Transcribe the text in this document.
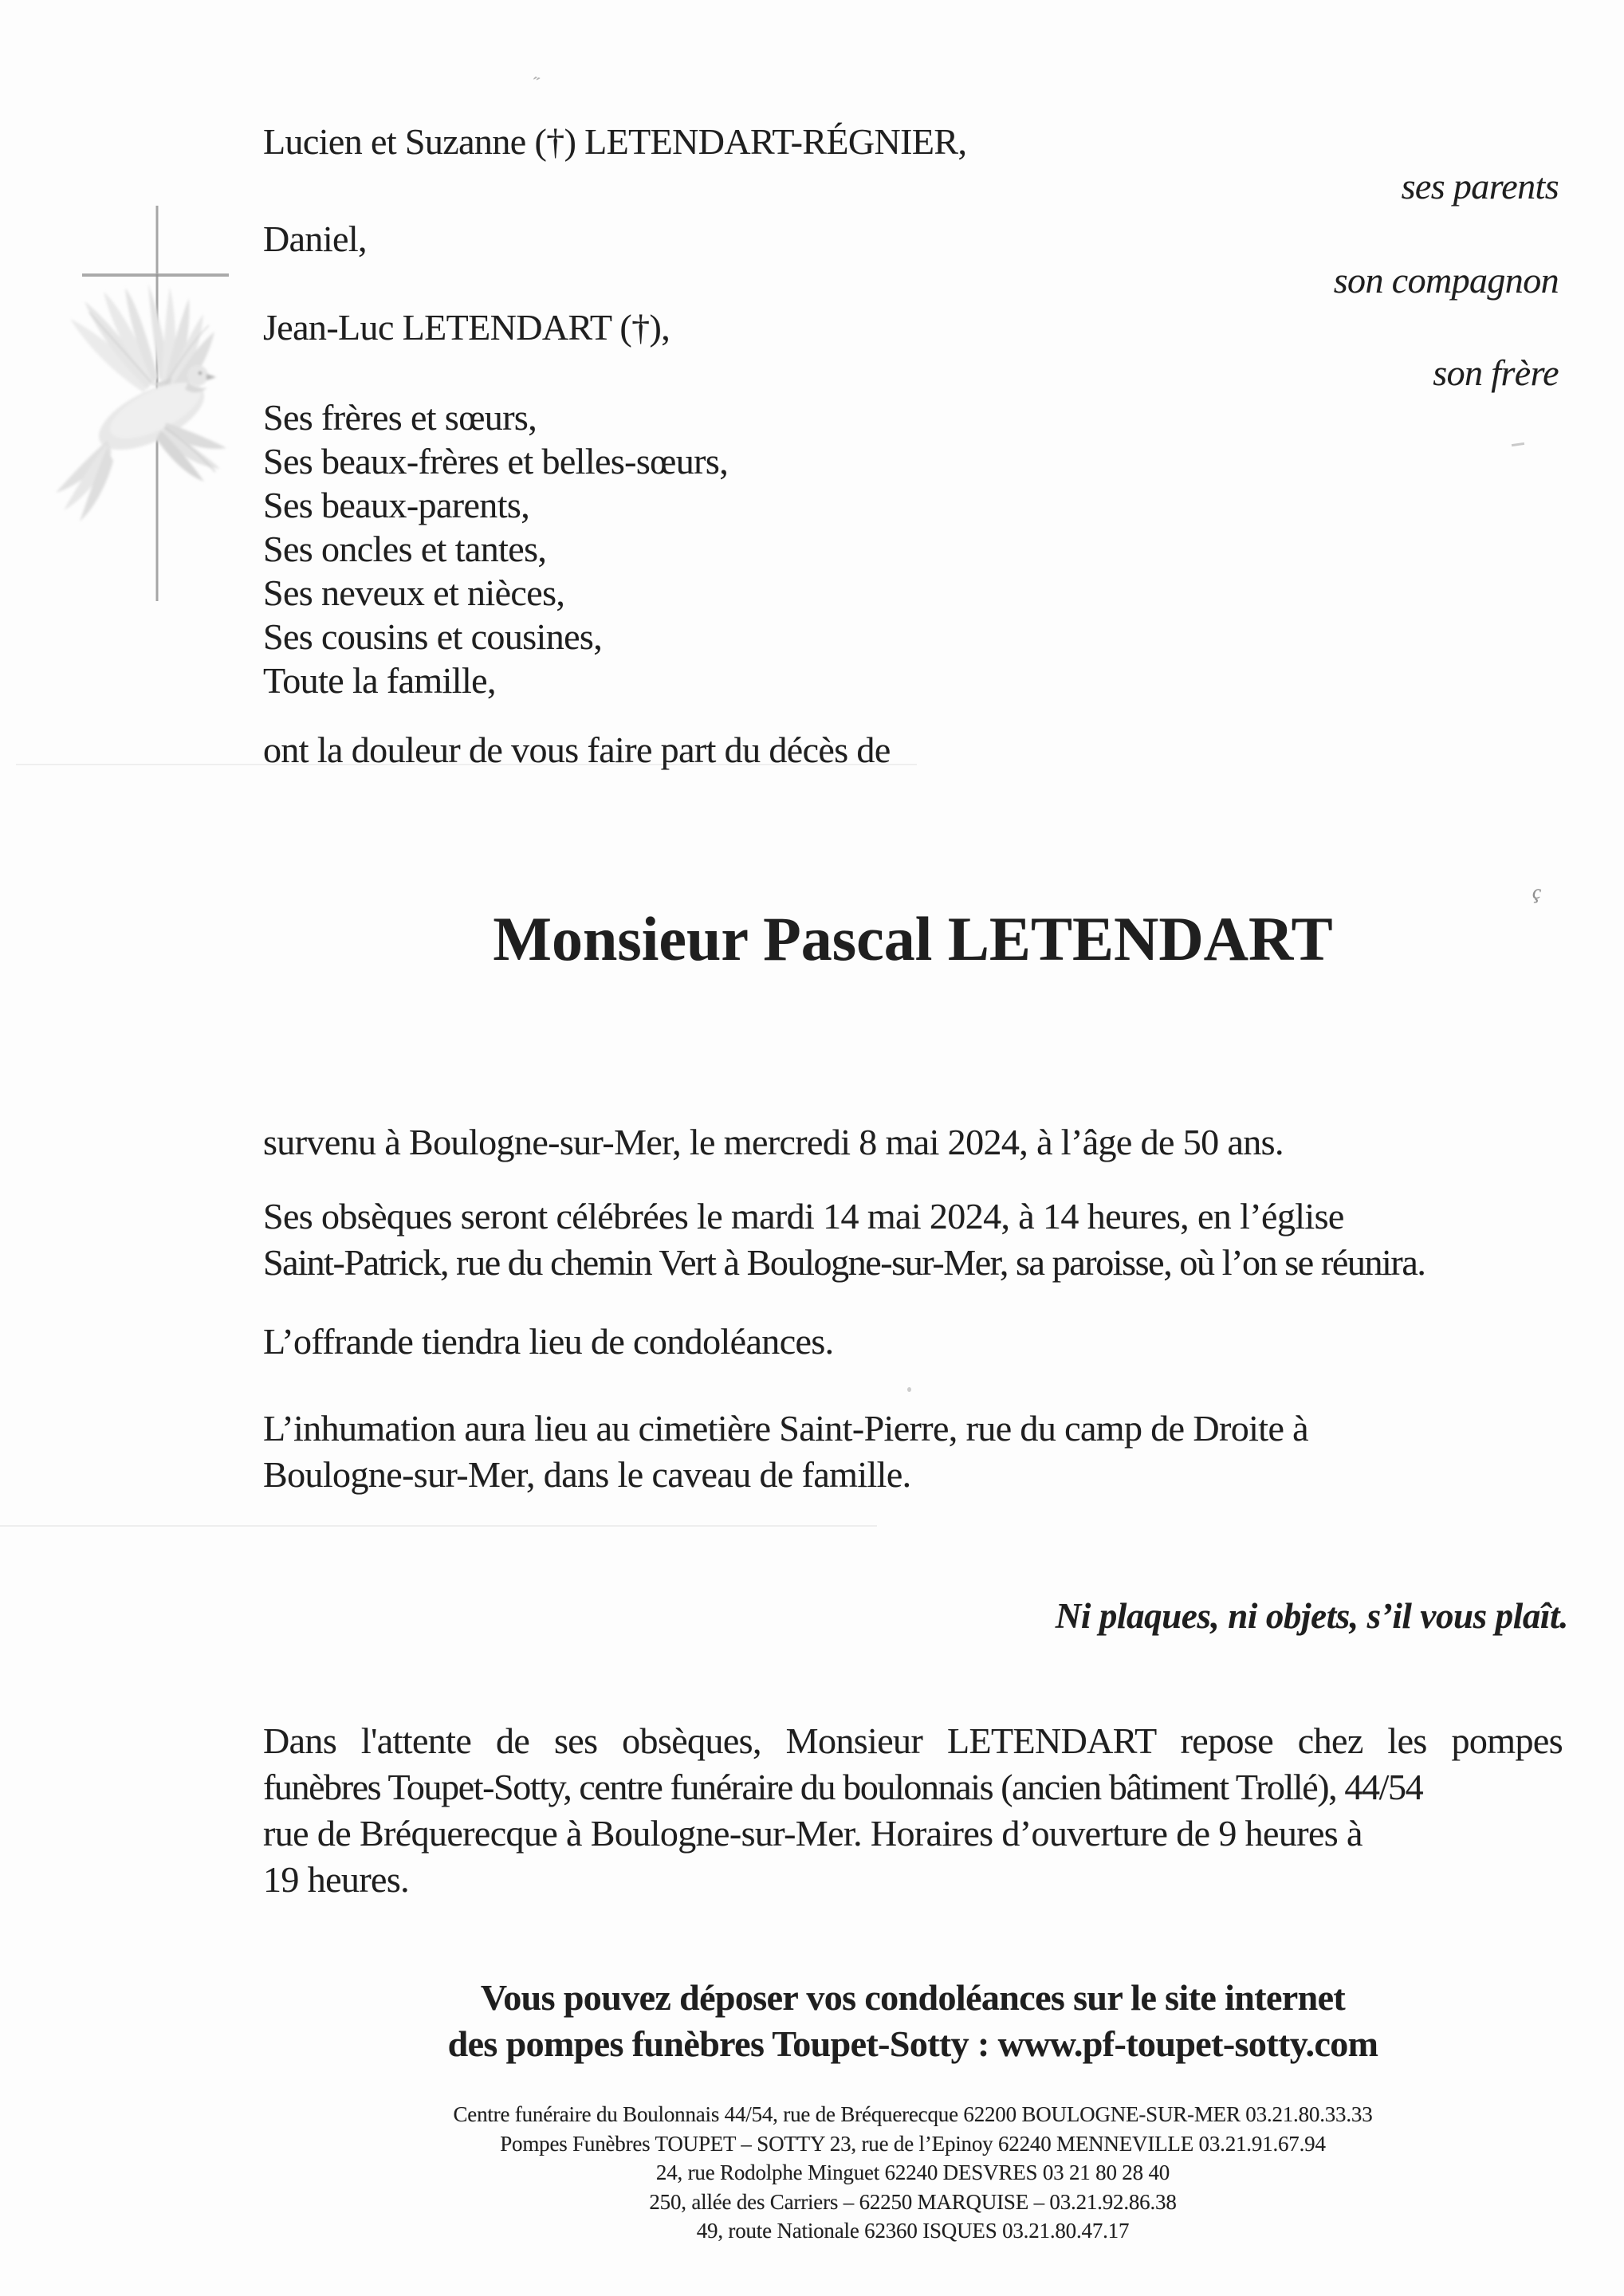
Lucien et Suzanne (†) LETENDART-RÉGNIER,
ses parents
Daniel,
son compagnon
Jean-Luc LETENDART (†),
son frère
Ses frères et sœurs,
Ses beaux-frères et belles-sœurs,
Ses beaux-parents,
Ses oncles et tantes,
Ses neveux et nièces,
Ses cousins et cousines,
Toute la famille,
ont la douleur de vous faire part du décès de
Monsieur Pascal LETENDART
survenu à Boulogne-sur-Mer, le mercredi 8 mai 2024, à l’âge de 50 ans.
Ses obsèques seront célébrées le mardi 14 mai 2024, à 14 heures, en l’église
Saint-Patrick, rue du chemin Vert à Boulogne-sur-Mer, sa paroisse, où l’on se réunira.
L’offrande tiendra lieu de condoléances.
L’inhumation aura lieu au cimetière Saint-Pierre, rue du camp de Droite à
Boulogne-sur-Mer, dans le caveau de famille.
Ni plaques, ni objets, s’il vous plaît.
Dans l'attente de ses obsèques, Monsieur LETENDART repose chez les pompes
funèbres Toupet-Sotty, centre funéraire du boulonnais (ancien bâtiment Trollé), 44/54
rue de Bréquerecque à Boulogne-sur-Mer. Horaires d’ouverture de 9 heures à
19 heures.
Vous pouvez déposer vos condoléances sur le site internet
des pompes funèbres Toupet-Sotty : www.pf-toupet-sotty.com
Centre funéraire du Boulonnais 44/54, rue de Bréquerecque 62200 BOULOGNE-SUR-MER 03.21.80.33.33
Pompes Funèbres TOUPET – SOTTY 23, rue de l’Epinoy 62240 MENNEVILLE 03.21.91.67.94
24, rue Rodolphe Minguet 62240 DESVRES 03 21 80 28 40
250, allée des Carriers – 62250 MARQUISE – 03.21.92.86.38
49, route Nationale 62360 ISQUES 03.21.80.47.17
˝
ç
